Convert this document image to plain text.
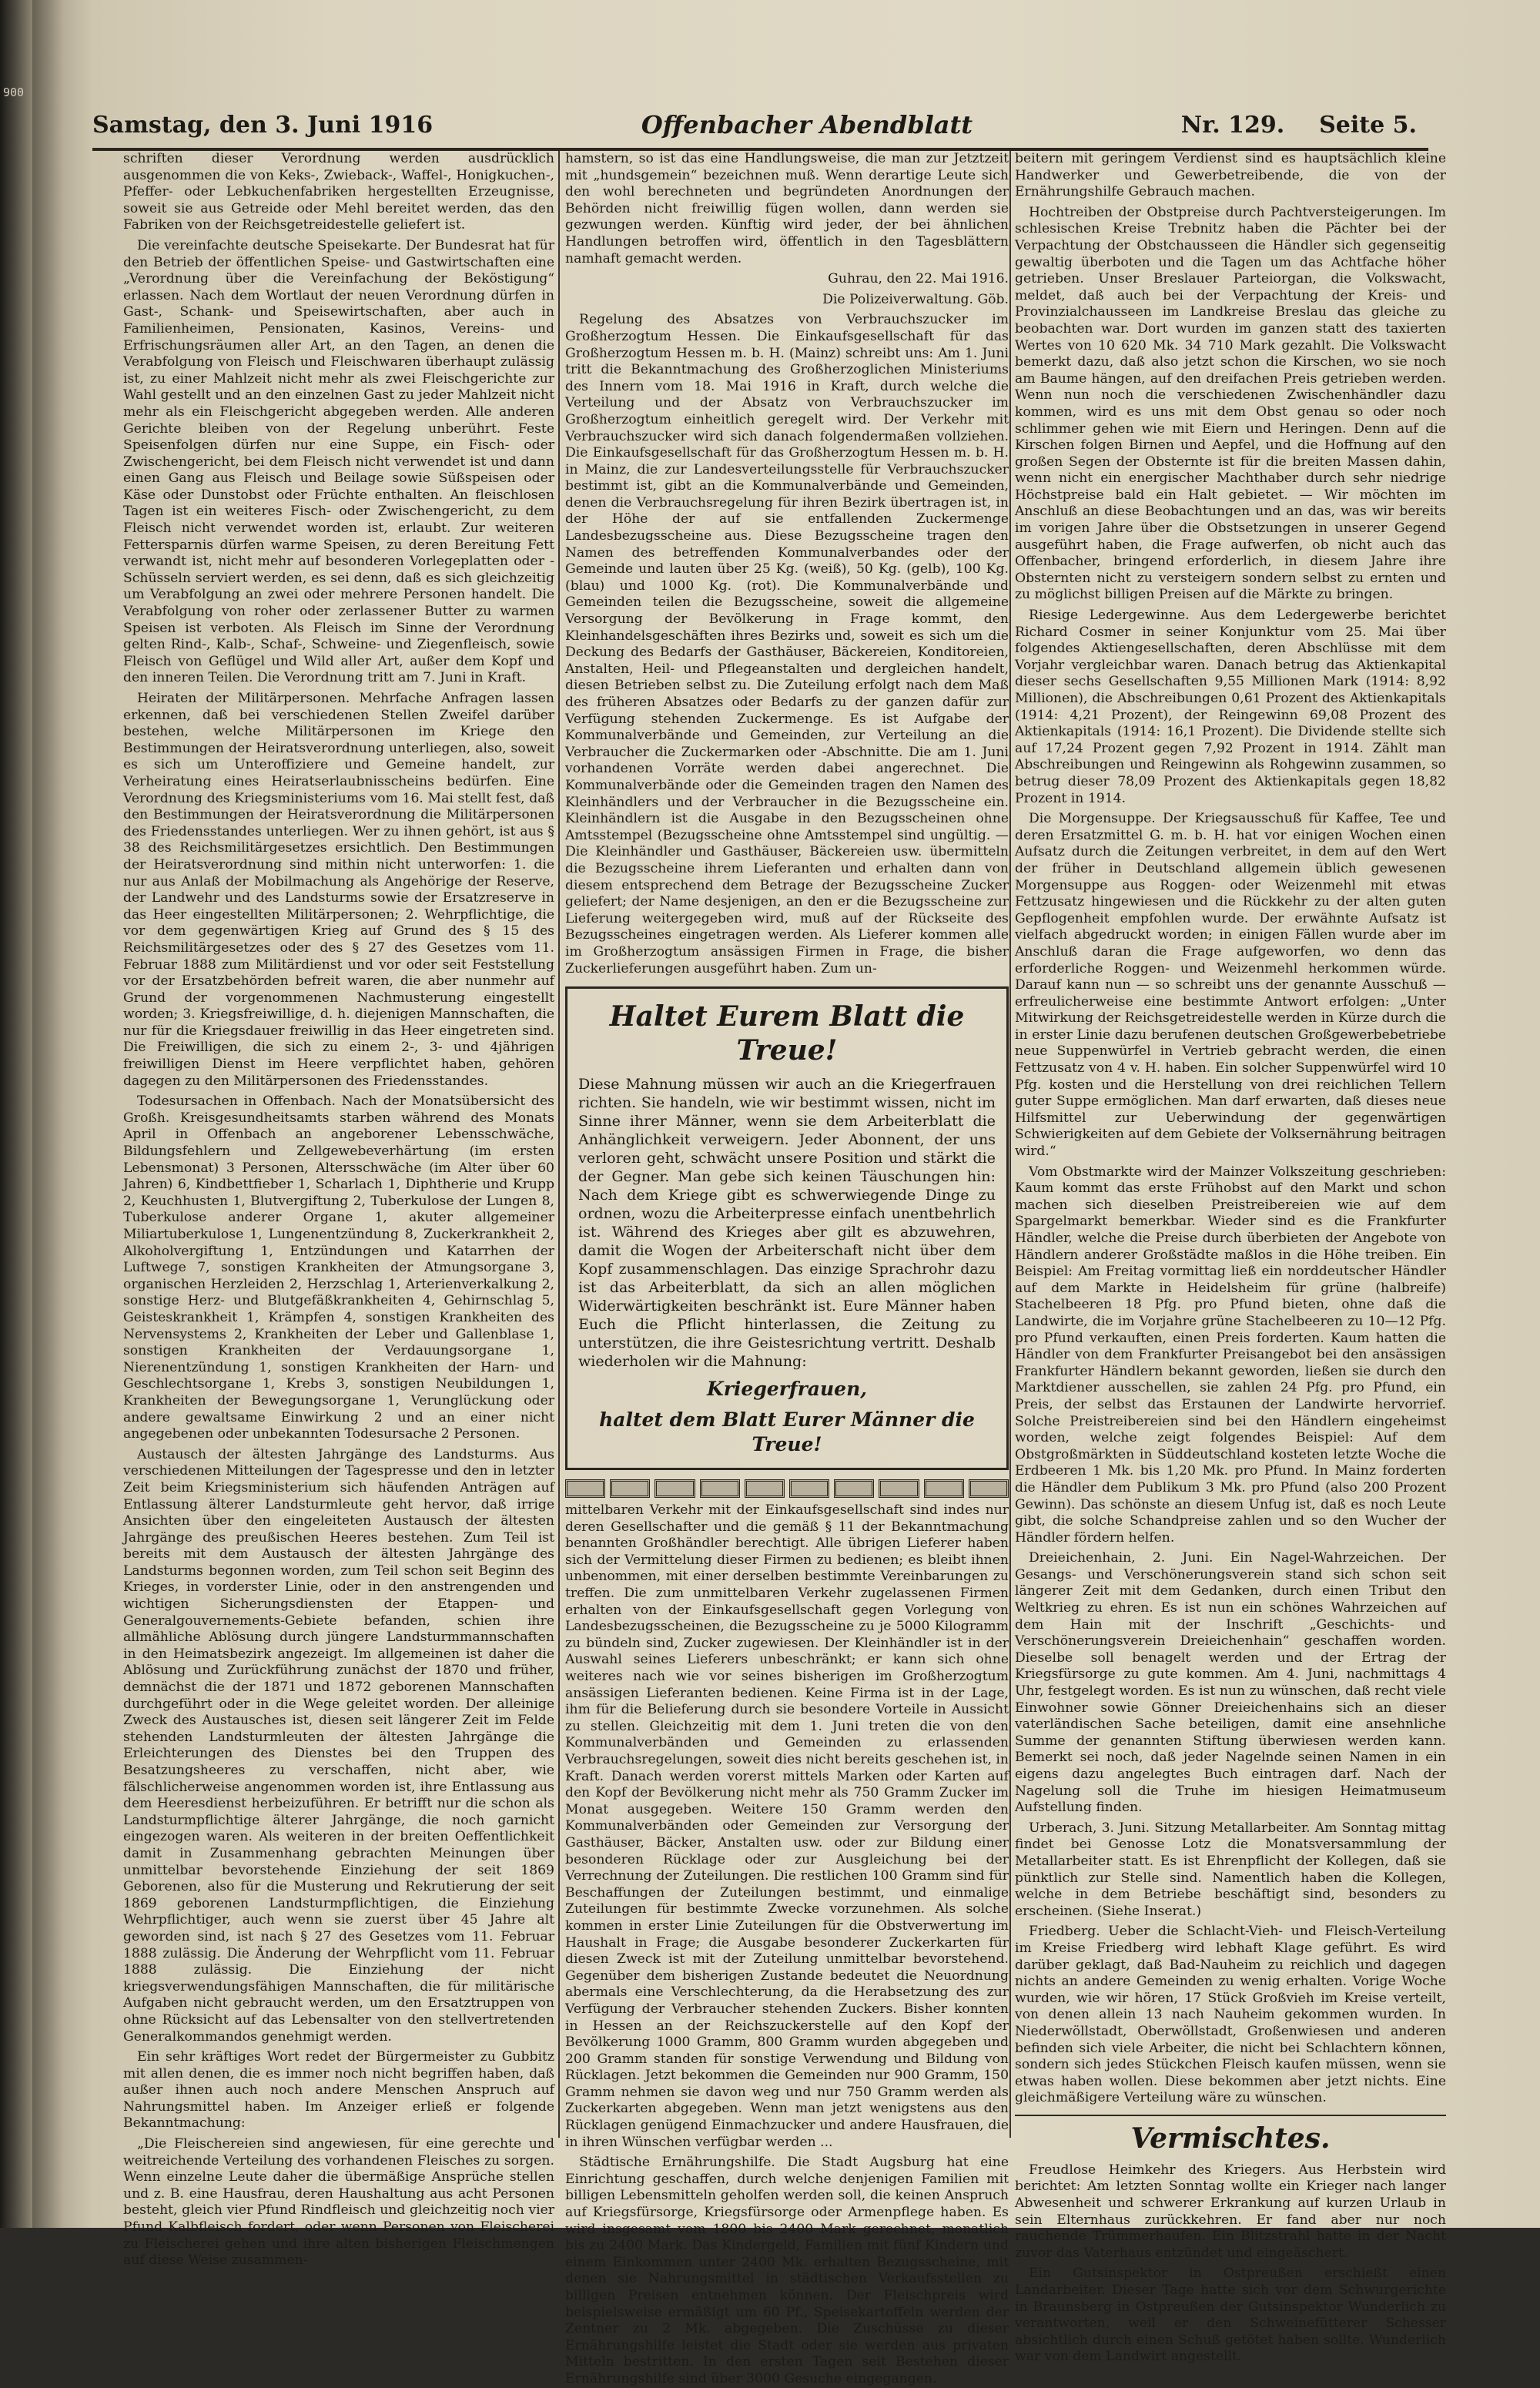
900
Samstag, den 3. Juni 1916	Offenbacher Abendblatt	Nr. 129. Seite 5.

schriften dieser Verordnung werden ausdrücklich ausgenommen die von Keks-, Zwieback-, Waffel-, Honigkuchen-, Pfeffer- oder Lebkuchenfabriken hergestellten Erzeugnisse, soweit sie aus Getreide oder Mehl bereitet werden, das den Fabriken von der Reichsgetreidestelle geliefert ist.

Die vereinfachte deutsche Speisekarte. Der Bundesrat hat für den Betrieb der öffentlichen Speise- und Gastwirtschaften eine „Verordnung über die Vereinfachung der Beköstigung“ erlassen. Nach dem Wortlaut der neuen Verordnung dürfen in Gast-, Schank- und Speisewirtschaften, aber auch in Familienheimen, Pensionaten, Kasinos, Vereins- und Erfrischungsräumen aller Art, an den Tagen, an denen die Verabfolgung von Fleisch und Fleischwaren überhaupt zulässig ist, zu einer Mahlzeit nicht mehr als zwei Fleischgerichte zur Wahl gestellt und an den einzelnen Gast zu jeder Mahlzeit nicht mehr als ein Fleischgericht abgegeben werden. Alle anderen Gerichte bleiben von der Regelung unberührt. Feste Speisenfolgen dürfen nur eine Suppe, ein Fisch- oder Zwischengericht, bei dem Fleisch nicht verwendet ist und dann einen Gang aus Fleisch und Beilage sowie Süßspeisen oder Käse oder Dunstobst oder Früchte enthalten. An fleischlosen Tagen ist ein weiteres Fisch- oder Zwischengericht, zu dem Fleisch nicht verwendet worden ist, erlaubt. Zur weiteren Fettersparnis dürfen warme Speisen, zu deren Bereitung Fett verwandt ist, nicht mehr auf besonderen Vorlegeplatten oder -Schüsseln serviert werden, es sei denn, daß es sich gleichzeitig um Verabfolgung an zwei oder mehrere Personen handelt. Die Verabfolgung von roher oder zerlassener Butter zu warmen Speisen ist verboten. Als Fleisch im Sinne der Verordnung gelten Rind-, Kalb-, Schaf-, Schweine- und Ziegenfleisch, sowie Fleisch von Geflügel und Wild aller Art, außer dem Kopf und den inneren Teilen. Die Verordnung tritt am 7. Juni in Kraft.

Heiraten der Militärpersonen. Mehrfache Anfragen lassen erkennen, daß bei verschiedenen Stellen Zweifel darüber bestehen, welche Militärpersonen im Kriege den Bestimmungen der Heiratsverordnung unterliegen, also, soweit es sich um Unteroffiziere und Gemeine handelt, zur Verheiratung eines Heiratserlaubnisscheins bedürfen. Eine Verordnung des Kriegsministeriums vom 16. Mai stellt fest, daß den Bestimmungen der Heiratsverordnung die Militärpersonen des Friedensstandes unterliegen. Wer zu ihnen gehört, ist aus § 38 des Reichsmilitärgesetzes ersichtlich. Den Bestimmungen der Heiratsverordnung sind mithin nicht unterworfen: 1. die nur aus Anlaß der Mobilmachung als Angehörige der Reserve, der Landwehr und des Landsturms sowie der Ersatzreserve in das Heer eingestellten Militärpersonen; 2. Wehrpflichtige, die vor dem gegenwärtigen Krieg auf Grund des § 15 des Reichsmilitärgesetzes oder des § 27 des Gesetzes vom 11. Februar 1888 zum Militärdienst und vor oder seit Feststellung vor der Ersatzbehörden befreit waren, die aber nunmehr auf Grund der vorgenommenen Nachmusterung eingestellt worden; 3. Kriegsfreiwillige, d. h. diejenigen Mannschaften, die nur für die Kriegsdauer freiwillig in das Heer eingetreten sind. Die Freiwilligen, die sich zu einem 2-, 3- und 4jährigen freiwilligen Dienst im Heere verpflichtet haben, gehören dagegen zu den Militärpersonen des Friedensstandes.

Todesursachen in Offenbach. Nach der Monatsübersicht des Großh. Kreisgesundheitsamts starben während des Monats April in Offenbach an angeborener Lebensschwäche, Bildungsfehlern und Zellgewebeverhärtung (im ersten Lebensmonat) 3 Personen, Altersschwäche (im Alter über 60 Jahren) 6, Kindbettfieber 1, Scharlach 1, Diphtherie und Krupp 2, Keuchhusten 1, Blutvergiftung 2, Tuberkulose der Lungen 8, Tuberkulose anderer Organe 1, akuter allgemeiner Miliartuberkulose 1, Lungenentzündung 8, Zuckerkrankheit 2, Alkoholvergiftung 1, Entzündungen und Katarrhen der Luftwege 7, sonstigen Krankheiten der Atmungsorgane 3, organischen Herzleiden 2, Herzschlag 1, Arterienverkalkung 2, sonstige Herz- und Blutgefäßkrankheiten 4, Gehirnschlag 5, Geisteskrankheit 1, Krämpfen 4, sonstigen Krankheiten des Nervensystems 2, Krankheiten der Leber und Gallenblase 1, sonstigen Krankheiten der Verdauungsorgane 1, Nierenentzündung 1, sonstigen Krankheiten der Harn- und Geschlechtsorgane 1, Krebs 3, sonstigen Neubildungen 1, Krankheiten der Bewegungsorgane 1, Verunglückung oder andere gewaltsame Einwirkung 2 und an einer nicht angegebenen oder unbekannten Todesursache 2 Personen.

Austausch der ältesten Jahrgänge des Landsturms. Aus verschiedenen Mitteilungen der Tagespresse und den in letzter Zeit beim Kriegsministerium sich häufenden Anträgen auf Entlassung älterer Landsturmleute geht hervor, daß irrige Ansichten über den eingeleiteten Austausch der ältesten Jahrgänge des preußischen Heeres bestehen. Zum Teil ist bereits mit dem Austausch der ältesten Jahrgänge des Landsturms begonnen worden, zum Teil schon seit Beginn des Krieges, in vorderster Linie, oder in den anstrengenden und wichtigen Sicherungsdiensten der Etappen- und Generalgouvernements-Gebiete befanden, schien ihre allmähliche Ablösung durch jüngere Landsturmmannschaften in den Heimatsbezirk angezeigt. Im allgemeinen ist daher die Ablösung und Zurückführung zunächst der 1870 und früher, demnächst die der 1871 und 1872 geborenen Mannschaften durchgeführt oder in die Wege geleitet worden. Der alleinige Zweck des Austausches ist, diesen seit längerer Zeit im Felde stehenden Landsturmleuten der ältesten Jahrgänge die Erleichterungen des Dienstes bei den Truppen des Besatzungsheeres zu verschaffen, nicht aber, wie fälschlicherweise angenommen worden ist, ihre Entlassung aus dem Heeresdienst herbeizuführen. Er betrifft nur die schon als Landsturmpflichtige älterer Jahrgänge, die noch garnicht eingezogen waren. Als weiteren in der breiten Oeffentlichkeit damit in Zusammenhang gebrachten Meinungen über unmittelbar bevorstehende Einziehung der seit 1869 Geborenen, also für die Musterung und Rekrutierung der seit 1869 geborenen Landsturmpflichtigen, die Einziehung Wehrpflichtiger, auch wenn sie zuerst über 45 Jahre alt geworden sind, ist nach § 27 des Gesetzes vom 11. Februar 1888 zulässig. Die Änderung der Wehrpflicht vom 11. Februar 1888 zulässig. Die Einziehung der nicht kriegsverwendungsfähigen Mannschaften, die für militärische Aufgaben nicht gebraucht werden, um den Ersatztruppen von ohne Rücksicht auf das Lebensalter von den stellvertretenden Generalkommandos genehmigt werden.

Ein sehr kräftiges Wort redet der Bürgermeister zu Gubbitz mit allen denen, die es immer noch nicht begriffen haben, daß außer ihnen auch noch andere Menschen Anspruch auf Nahrungsmittel haben. Im Anzeiger erließ er folgende Bekanntmachung:

„Die Fleischereien sind angewiesen, für eine gerechte und weitreichende Verteilung des vorhandenen Fleisches zu sorgen. Wenn einzelne Leute daher die übermäßige Ansprüche stellen und z. B. eine Hausfrau, deren Haushaltung aus acht Personen besteht, gleich vier Pfund Rindfleisch und gleichzeitig noch vier Pfund Kalbfleisch fordert, oder wenn Personen von Fleischerei zu Fleischerei gehen und ihre alten bisherigen Fleischmengen auf diese Weise zusammen-

hamstern, so ist das eine Handlungsweise, die man zur Jetztzeit mit „hundsgemein“ bezeichnen muß. Wenn derartige Leute sich den wohl berechneten und begründeten Anordnungen der Behörden nicht freiwillig fügen wollen, dann werden sie gezwungen werden. Künftig wird jeder, der bei ähnlichen Handlungen betroffen wird, öffentlich in den Tagesblättern namhaft gemacht werden.

Guhrau, den 22. Mai 1916.

Die Polizeiverwaltung. Göb.

Regelung des Absatzes von Verbrauchszucker im Großherzogtum Hessen. Die Einkaufsgesellschaft für das Großherzogtum Hessen m. b. H. (Mainz) schreibt uns: Am 1. Juni tritt die Bekanntmachung des Großherzoglichen Ministeriums des Innern vom 18. Mai 1916 in Kraft, durch welche die Verteilung und der Absatz von Verbrauchszucker im Großherzogtum einheitlich geregelt wird. Der Verkehr mit Verbrauchszucker wird sich danach folgendermaßen vollziehen. Die Einkaufsgesellschaft für das Großherzogtum Hessen m. b. H. in Mainz, die zur Landesverteilungsstelle für Verbrauchszucker bestimmt ist, gibt an die Kommunalverbände und Gemeinden, denen die Verbrauchsregelung für ihren Bezirk übertragen ist, in der Höhe der auf sie entfallenden Zuckermenge Landesbezugsscheine aus. Diese Bezugsscheine tragen den Namen des betreffenden Kommunalverbandes oder der Gemeinde und lauten über 25 Kg. (weiß), 50 Kg. (gelb), 100 Kg. (blau) und 1000 Kg. (rot). Die Kommunalverbände und Gemeinden teilen die Bezugsscheine, soweit die allgemeine Versorgung der Bevölkerung in Frage kommt, den Kleinhandelsgeschäften ihres Bezirks und, soweit es sich um die Deckung des Bedarfs der Gasthäuser, Bäckereien, Konditoreien, Anstalten, Heil- und Pflegeanstalten und dergleichen handelt, diesen Betrieben selbst zu. Die Zuteilung erfolgt nach dem Maß des früheren Absatzes oder Bedarfs zu der ganzen dafür zur Verfügung stehenden Zuckermenge. Es ist Aufgabe der Kommunalverbände und Gemeinden, zur Verteilung an die Verbraucher die Zuckermarken oder -Abschnitte. Die am 1. Juni vorhandenen Vorräte werden dabei angerechnet. Die Kommunalverbände oder die Gemeinden tragen den Namen des Kleinhändlers und der Verbraucher in die Bezugsscheine ein. Kleinhändlern ist die Ausgabe in den Bezugsscheinen ohne Amtsstempel (Bezugsscheine ohne Amtsstempel sind ungültig. — Die Kleinhändler und Gasthäuser, Bäckereien usw. übermitteln die Bezugsscheine ihrem Lieferanten und erhalten dann von diesem entsprechend dem Betrage der Bezugsscheine Zucker geliefert; der Name desjenigen, an den er die Bezugsscheine zur Lieferung weitergegeben wird, muß auf der Rückseite des Bezugsscheines eingetragen werden. Als Lieferer kommen alle im Großherzogtum ansässigen Firmen in Frage, die bisher Zuckerlieferungen ausgeführt haben. Zum un-

Haltet Eurem Blatt die Treue!
Diese Mahnung müssen wir auch an die Kriegerfrauen richten. Sie handeln, wie wir bestimmt wissen, nicht im Sinne ihrer Männer, wenn sie dem Arbeiterblatt die Anhänglichkeit verweigern. Jeder Abonnent, der uns verloren geht, schwächt unsere Position und stärkt die der Gegner. Man gebe sich keinen Täuschungen hin: Nach dem Kriege gibt es schwerwiegende Dinge zu ordnen, wozu die Arbeiterpresse einfach unentbehrlich ist. Während des Krieges aber gilt es abzuwehren, damit die Wogen der Arbeiterschaft nicht über dem Kopf zusammenschlagen. Das einzige Sprachrohr dazu ist das Arbeiterblatt, da sich an allen möglichen Widerwärtigkeiten beschränkt ist. Eure Männer haben Euch die Pflicht hinterlassen, die Zeitung zu unterstützen, die ihre Geistesrichtung vertritt. Deshalb wiederholen wir die Mahnung:
Kriegerfrauen,
haltet dem Blatt Eurer Männer die Treue!

mittelbaren Verkehr mit der Einkaufsgesellschaft sind indes nur deren Gesellschafter und die gemäß § 11 der Bekanntmachung benannten Großhändler berechtigt. Alle übrigen Lieferer haben sich der Vermittelung dieser Firmen zu bedienen; es bleibt ihnen unbenommen, mit einer derselben bestimmte Vereinbarungen zu treffen. Die zum unmittelbaren Verkehr zugelassenen Firmen erhalten von der Einkaufsgesellschaft gegen Vorlegung von Landesbezugsscheinen, die Bezugsscheine zu je 5000 Kilogramm zu bündeln sind, Zucker zugewiesen. Der Kleinhändler ist in der Auswahl seines Lieferers unbeschränkt; er kann sich ohne weiteres nach wie vor seines bisherigen im Großherzogtum ansässigen Lieferanten bedienen. Keine Firma ist in der Lage, ihm für die Belieferung durch sie besondere Vorteile in Aussicht zu stellen. Gleichzeitig mit dem 1. Juni treten die von den Kommunalverbänden und Gemeinden zu erlassenden Verbrauchsregelungen, soweit dies nicht bereits geschehen ist, in Kraft. Danach werden vorerst mittels Marken oder Karten auf den Kopf der Bevölkerung nicht mehr als 750 Gramm Zucker im Monat ausgegeben. Weitere 150 Gramm werden den Kommunalverbänden oder Gemeinden zur Versorgung der Gasthäuser, Bäcker, Anstalten usw. oder zur Bildung einer besonderen Rücklage oder zur Ausgleichung bei der Verrechnung der Zuteilungen. Die restlichen 100 Gramm sind für Beschaffungen der Zuteilungen bestimmt, und einmalige Zuteilungen für bestimmte Zwecke vorzunehmen. Als solche kommen in erster Linie Zuteilungen für die Obstverwertung im Haushalt in Frage; die Ausgabe besonderer Zuckerkarten für diesen Zweck ist mit der Zuteilung unmittelbar bevorstehend. Gegenüber dem bisherigen Zustande bedeutet die Neuordnung abermals eine Verschlechterung, da die Herabsetzung des zur Verfügung der Verbraucher stehenden Zuckers. Bisher konnten in Hessen an der Reichszuckerstelle auf den Kopf der Bevölkerung 1000 Gramm, 800 Gramm wurden abgegeben und 200 Gramm standen für sonstige Verwendung und Bildung von Rücklagen. Jetzt bekommen die Gemeinden nur 900 Gramm, 150 Gramm nehmen sie davon weg und nur 750 Gramm werden als Zuckerkarten abgegeben. Wenn man jetzt wenigstens aus den Rücklagen genügend Einmachzucker und andere Hausfrauen, die in ihren Wünschen verfügbar werden ...

Städtische Ernährungshilfe. Die Stadt Augsburg hat eine Einrichtung geschaffen, durch welche denjenigen Familien mit billigen Lebensmitteln geholfen werden soll, die keinen Anspruch auf Kriegsfürsorge, Kriegsfürsorge oder Armenpflege haben. Es wird insgesamt vom 1800 bis 2400 Mark gerechnet, monatlich bis zu 2400 Mark. Das Kindergeld, Familien mit fünf Kindern und einem Einkommen unter 2400 Mk. erhalten Bezugsscheine, mit denen sie Nahrungsmittel in städtischen Verkaufsstellen zu billigen Preisen entnehmen können. Der Fleischpreis wird beispielsweise ermäßigt um 60 Pf., Speisekartoffeln werden der Zentner zu 2 Mk. abgegeben. Die Zuschüsse zu dieser Ernährungshilfe leistet die Stadt oder sie werden aus privaten Mitteln bestritten. In den ersten Tagen seit Bestehen dieser Ernährungshilfe sind über 3000 Gesuche eingegangen.

beitern mit geringem Verdienst sind es hauptsächlich kleine Handwerker und Gewerbetreibende, die von der Ernährungshilfe Gebrauch machen.

Hochtreiben der Obstpreise durch Pachtversteigerungen. Im schlesischen Kreise Trebnitz haben die Pächter bei der Verpachtung der Obstchausseen die Händler sich gegenseitig gewaltig überboten und die Tagen um das Achtfache höher getrieben. Unser Breslauer Parteiorgan, die Volkswacht, meldet, daß auch bei der Verpachtung der Kreis- und Provinzialchausseen im Landkreise Breslau das gleiche zu beobachten war. Dort wurden im ganzen statt des taxierten Wertes von 10 620 Mk. 34 710 Mark gezahlt. Die Volkswacht bemerkt dazu, daß also jetzt schon die Kirschen, wo sie noch am Baume hängen, auf den dreifachen Preis getrieben werden. Wenn nun noch die verschiedenen Zwischenhändler dazu kommen, wird es uns mit dem Obst genau so oder noch schlimmer gehen wie mit Eiern und Heringen. Denn auf die Kirschen folgen Birnen und Aepfel, und die Hoffnung auf den großen Segen der Obsternte ist für die breiten Massen dahin, wenn nicht ein energischer Machthaber durch sehr niedrige Höchstpreise bald ein Halt gebietet. — Wir möchten im Anschluß an diese Beobachtungen und an das, was wir bereits im vorigen Jahre über die Obstsetzungen in unserer Gegend ausgeführt haben, die Frage aufwerfen, ob nicht auch das Offenbacher, bringend erforderlich, in diesem Jahre ihre Obsternten nicht zu versteigern sondern selbst zu ernten und zu möglichst billigen Preisen auf die Märkte zu bringen.

Riesige Ledergewinne. Aus dem Ledergewerbe berichtet Richard Cosmer in seiner Konjunktur vom 25. Mai über folgendes Aktiengesellschaften, deren Abschlüsse mit dem Vorjahr vergleichbar waren. Danach betrug das Aktienkapital dieser sechs Gesellschaften 9,55 Millionen Mark (1914: 8,92 Millionen), die Abschreibungen 0,61 Prozent des Aktienkapitals (1914: 4,21 Prozent), der Reingewinn 69,08 Prozent des Aktienkapitals (1914: 16,1 Prozent). Die Dividende stellte sich auf 17,24 Prozent gegen 7,92 Prozent in 1914. Zählt man Abschreibungen und Reingewinn als Rohgewinn zusammen, so betrug dieser 78,09 Prozent des Aktienkapitals gegen 18,82 Prozent in 1914.

Die Morgensuppe. Der Kriegsausschuß für Kaffee, Tee und deren Ersatzmittel G. m. b. H. hat vor einigen Wochen einen Aufsatz durch die Zeitungen verbreitet, in dem auf den Wert der früher in Deutschland allgemein üblich gewesenen Morgensuppe aus Roggen- oder Weizenmehl mit etwas Fettzusatz hingewiesen und die Rückkehr zu der alten guten Gepflogenheit empfohlen wurde. Der erwähnte Aufsatz ist vielfach abgedruckt worden; in einigen Fällen wurde aber im Anschluß daran die Frage aufgeworfen, wo denn das erforderliche Roggen- und Weizenmehl herkommen würde. Darauf kann nun — so schreibt uns der genannte Ausschuß — erfreulicherweise eine bestimmte Antwort erfolgen: „Unter Mitwirkung der Reichsgetreidestelle werden in Kürze durch die in erster Linie dazu berufenen deutschen Großgewerbebetriebe neue Suppenwürfel in Vertrieb gebracht werden, die einen Fettzusatz von 4 v. H. haben. Ein solcher Suppenwürfel wird 10 Pfg. kosten und die Herstellung von drei reichlichen Tellern guter Suppe ermöglichen. Man darf erwarten, daß dieses neue Hilfsmittel zur Ueberwindung der gegenwärtigen Schwierigkeiten auf dem Gebiete der Volksernährung beitragen wird.“

Vom Obstmarkte wird der Mainzer Volkszeitung geschrieben: Kaum kommt das erste Frühobst auf den Markt und schon machen sich dieselben Preistreibereien wie auf dem Spargelmarkt bemerkbar. Wieder sind es die Frankfurter Händler, welche die Preise durch überbieten der Angebote von Händlern anderer Großstädte maßlos in die Höhe treiben. Ein Beispiel: Am Freitag vormittag ließ ein norddeutscher Händler auf dem Markte in Heidelsheim für grüne (halbreife) Stachelbeeren 18 Pfg. pro Pfund bieten, ohne daß die Landwirte, die im Vorjahre grüne Stachelbeeren zu 10—12 Pfg. pro Pfund verkauften, einen Preis forderten. Kaum hatten die Händler von dem Frankfurter Preisangebot bei den ansässigen Frankfurter Händlern bekannt geworden, ließen sie durch den Marktdiener ausschellen, sie zahlen 24 Pfg. pro Pfund, ein Preis, der selbst das Erstaunen der Landwirte hervorrief. Solche Preistreibereien sind bei den Händlern eingeheimst worden, welche zeigt folgendes Beispiel: Auf dem Obstgroßmärkten in Süddeutschland kosteten letzte Woche die Erdbeeren 1 Mk. bis 1,20 Mk. pro Pfund. In Mainz forderten die Händler dem Publikum 3 Mk. pro Pfund (also 200 Prozent Gewinn). Das schönste an diesem Unfug ist, daß es noch Leute gibt, die solche Schandpreise zahlen und so den Wucher der Händler fördern helfen.

Dreieichenhain, 2. Juni. Ein Nagel-Wahrzeichen. Der Gesangs- und Verschönerungsverein stand sich schon seit längerer Zeit mit dem Gedanken, durch einen Tribut den Weltkrieg zu ehren. Es ist nun ein schönes Wahrzeichen auf dem Hain mit der Inschrift „Geschichts- und Verschönerungsverein Dreieichenhain“ geschaffen worden. Dieselbe soll benagelt werden und der Ertrag der Kriegsfürsorge zu gute kommen. Am 4. Juni, nachmittags 4 Uhr, festgelegt worden. Es ist nun zu wünschen, daß recht viele Einwohner sowie Gönner Dreieichenhains sich an dieser vaterländischen Sache beteiligen, damit eine ansehnliche Summe der genannten Stiftung überwiesen werden kann. Bemerkt sei noch, daß jeder Nagelnde seinen Namen in ein eigens dazu angelegtes Buch eintragen darf. Nach der Nagelung soll die Truhe im hiesigen Heimatmuseum Aufstellung finden.

Urberach, 3. Juni. Sitzung Metallarbeiter. Am Sonntag mittag findet bei Genosse Lotz die Monatsversammlung der Metallarbeiter statt. Es ist Ehrenpflicht der Kollegen, daß sie pünktlich zur Stelle sind. Namentlich haben die Kollegen, welche in dem Betriebe beschäftigt sind, besonders zu erscheinen. (Siehe Inserat.)

Friedberg. Ueber die Schlacht-Vieh- und Fleisch-Verteilung im Kreise Friedberg wird lebhaft Klage geführt. Es wird darüber geklagt, daß Bad-Nauheim zu reichlich und dagegen nichts an andere Gemeinden zu wenig erhalten. Vorige Woche wurden, wie wir hören, 17 Stück Großvieh im Kreise verteilt, von denen allein 13 nach Nauheim gekommen wurden. In Niederwöllstadt, Oberwöllstadt, Großenwiesen und anderen befinden sich viele Arbeiter, die nicht bei Schlachtern können, sondern sich jedes Stückchen Fleisch kaufen müssen, wenn sie etwas haben wollen. Diese bekommen aber jetzt nichts. Eine gleichmäßigere Verteilung wäre zu wünschen.

Vermischtes.

Freudlose Heimkehr des Kriegers. Aus Herbstein wird berichtet: Am letzten Sonntag wollte ein Krieger nach langer Abwesenheit und schwerer Erkrankung auf kurzen Urlaub in sein Elternhaus zurückkehren. Er fand aber nur noch rauchende Trümmerhaufen. Ein Blitzstrahl hatte in der Nacht zuvor das Vaterhaus entzündet und eingeäschert.

Ein Gutsinspektor in Ostpreußen erschießt einen Landarbeiter. Dieser Tage hatte sich vor dem Schwurgerichte in Braunsberg in Ostpreußen der Gutsinspektor Wunderlich zu verantworten, weil er den Schweinefütterer Schesser absichtlich durch einen Schuß getötet haben sollte. Wunderlich war von dem Landwirt angestellt.
